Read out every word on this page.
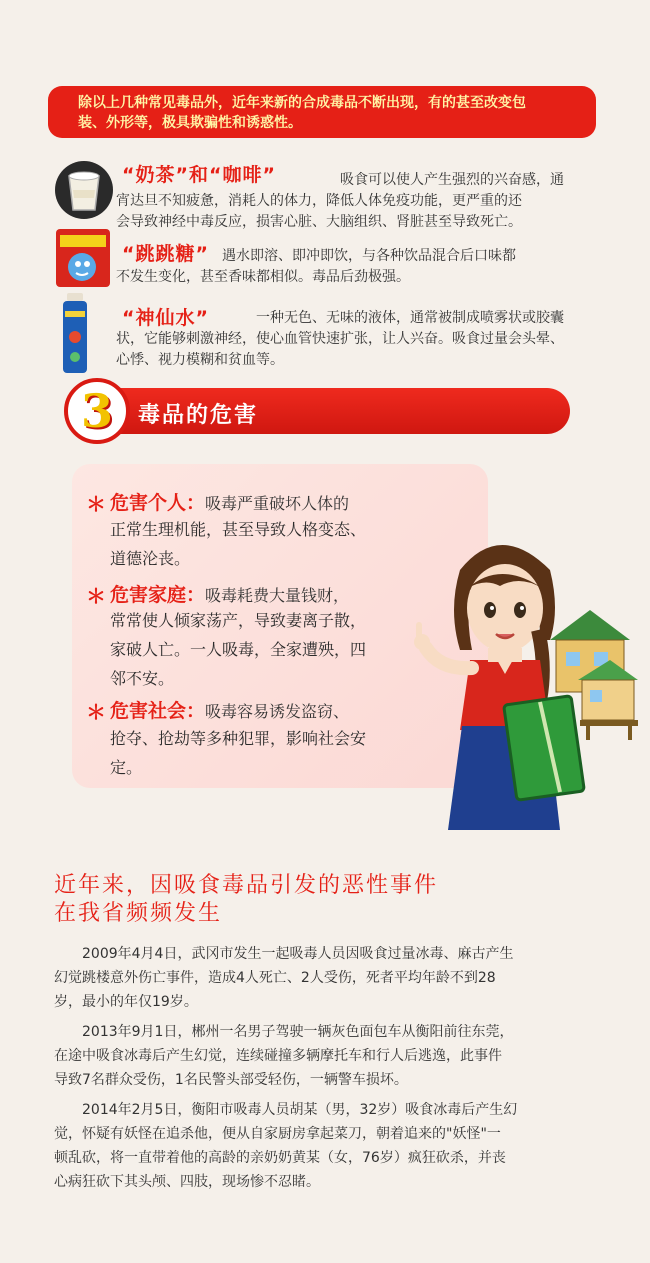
除以上几种常见毒品外，近年来新的合成毒品不断出现，有的甚至改变包
装、外形等，极具欺骗性和诱惑性。
“奶茶”和“咖啡”	吸食可以使人产生强烈的兴奋感，通
宵达旦不知疲惫，消耗人的体力，降低人体免疫功能，更严重的还
会导致神经中毒反应，损害心脏、大脑组织、肾脏甚至导致死亡。
“跳跳糖” 遇水即溶、即冲即饮，与各种饮品混合后口味都
不发生变化，甚至香味都相似。毒品后劲极强。
“神仙水”	一种无色、无味的液体，通常被制成喷雾状或胶囊
状，它能够刺激神经，使心血管快速扩张，让人兴奋。吸食过量会头晕、
心悸、视力模糊和贫血等。
3	毒品的危害
＊ 危害个人：吸毒严重破坏人体的
正常生理机能，甚至导致人格变态、
道德沦丧。
＊ 危害家庭：吸毒耗费大量钱财，
常常使人倾家荡产，导致妻离子散，
家破人亡。一人吸毒，全家遭殃，四
邻不安。
＊ 危害社会：吸毒容易诱发盗窃、
抢夺、抢劫等多种犯罪，影响社会安
定。
近年来，因吸食毒品引发的恶性事件
在我省频频发生
　　2009年4月4日，武冈市发生一起吸毒人员因吸食过量冰毒、麻古产生
幻觉跳楼意外伤亡事件，造成4人死亡、2人受伤，死者平均年龄不到28
岁，最小的年仅19岁。
　　2013年9月1日，郴州一名男子驾驶一辆灰色面包车从衡阳前往东莞，
在途中吸食冰毒后产生幻觉，连续碰撞多辆摩托车和行人后逃逸，此事件
导致7名群众受伤，1名民警头部受轻伤，一辆警车损坏。
　　2014年2月5日，衡阳市吸毒人员胡某（男，32岁）吸食冰毒后产生幻
觉，怀疑有妖怪在追杀他，便从自家厨房拿起菜刀，朝着追来的"妖怪"一
顿乱砍，将一直带着他的高龄的亲奶奶黄某（女，76岁）疯狂砍杀，并丧
心病狂砍下其头颅、四肢，现场惨不忍睹。
